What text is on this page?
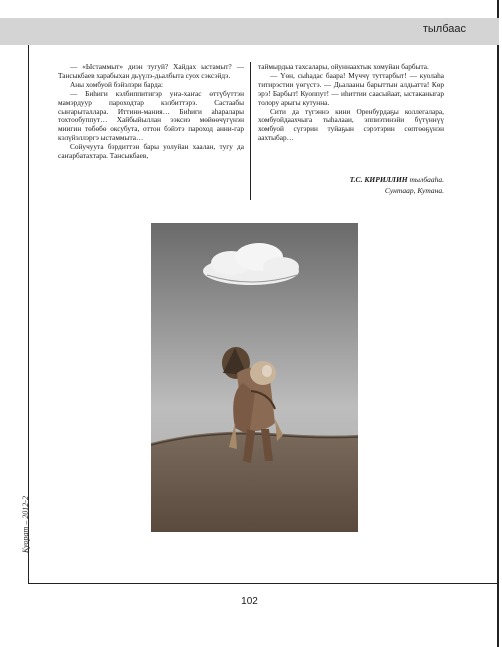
тылбаас

— «Ыстаммыт» диэн тугуй? Хайдах ыстамыт? — Тансыкбаев харабыхан дьүүлэ-дьалбыта суох сэксэйдэ.

Аны хомбуой бэйэлэри барда:

— Биһиги кэлбиппитигэр уҥа-хаҥас өттүбүттэн мамэрдуур пароходтар кэлбиттэрэ. Састаабы сыҥарыталлара. Иттини-мания… Биһиги аһаралары тохтообуппут… Хайбыйыллан ээксиэ мөйөөчүгүнэн миигин төбөбө оксубута, оттон бэйэтэ пароход анни-гар кэлүйэллэргэ ыстаммыта…

Сойучуута бэрдиттэн бары уолуйан хаалан, тугу да саҥарбатахтара. Тансыкбаев,

таймырдыа тахсалары, ойуннаахтык хомуйан барбыта.

— Үөн, сыһадас баара! Мүччү туттарбыт! — куолаһа титирэстии үөгүстэ. — Дьалааны барыттын алдьатта! Көр эрэ! Барбыт! Куоппут! — иһиттии саасыйаат, ыстаканыгар толору арыгы кутунна.

Сити да түгэннэ кини Оренбурдаҕы коллегалара, хомбуойдаахчыга тыһалааи, эппиэтинэйи бүтүннүү хомбуой сүгэрин туйаҕын сэрэтэрин сөптөөҕүнэн аахтыбар…

Т.С. КИРИЛЛИН тылбааһа.
Сунтаар, Кутана.
Куорат – 2012-2
102
